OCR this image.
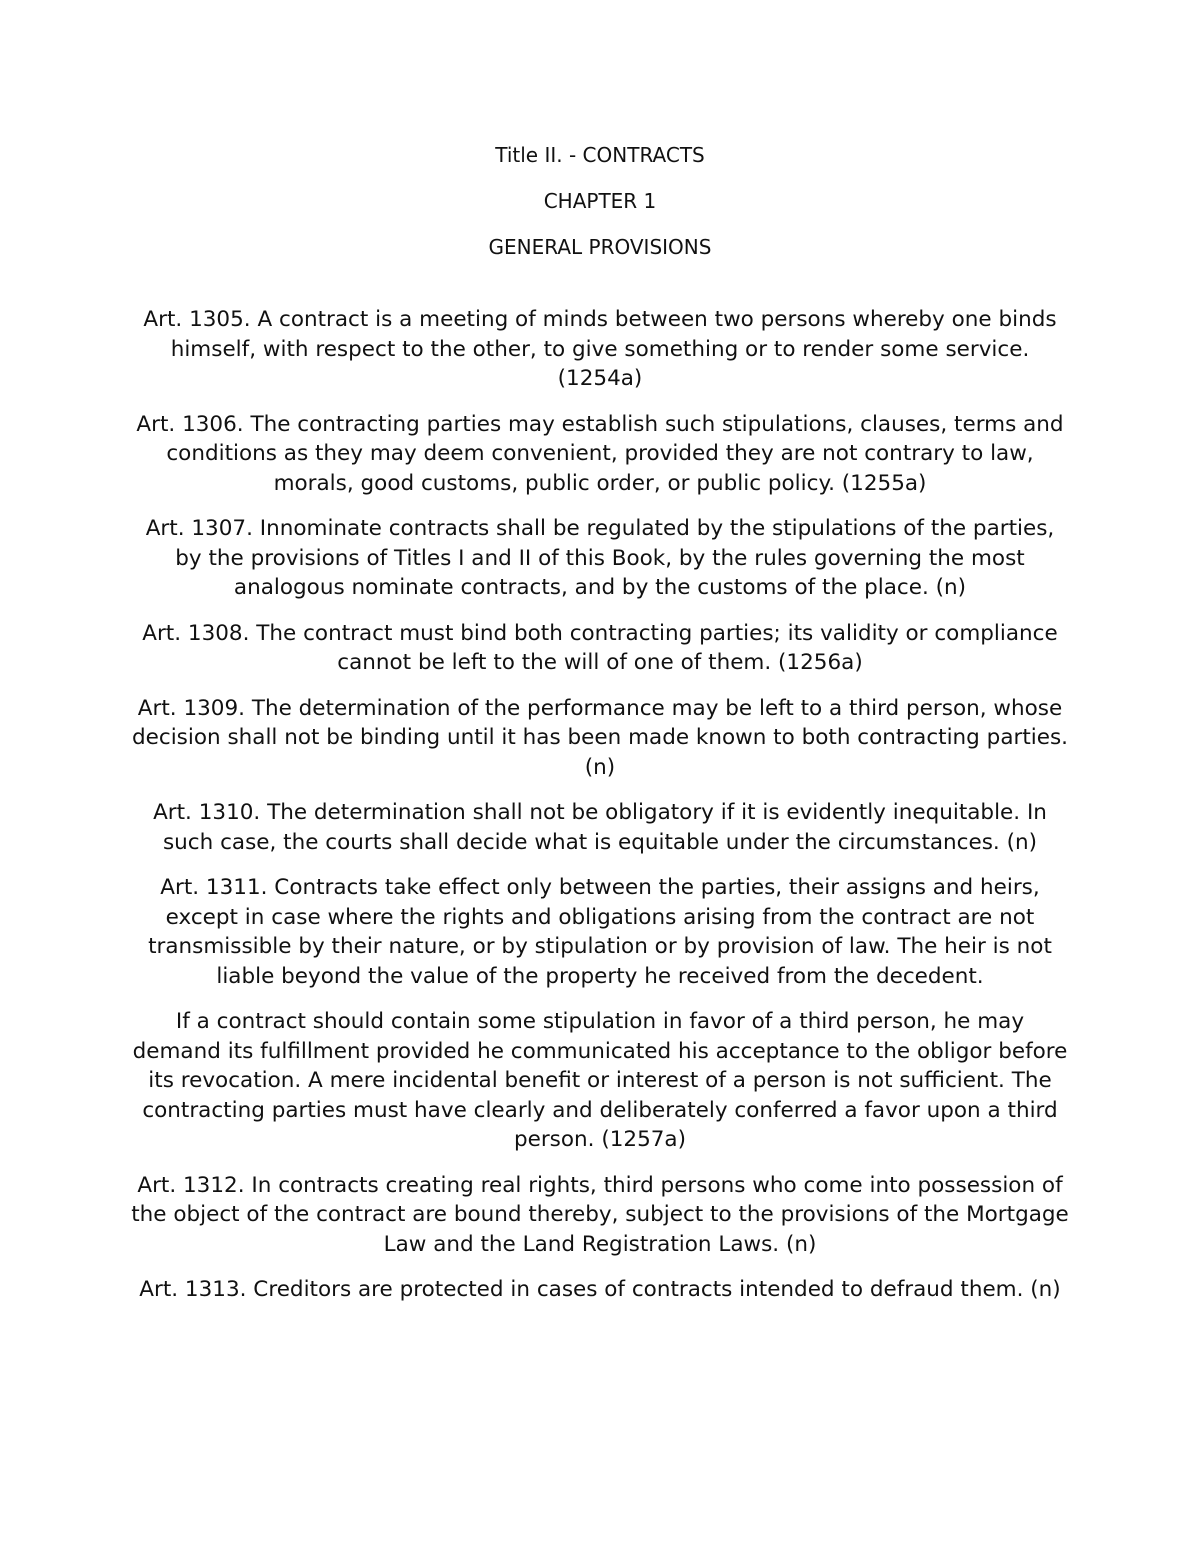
Title II. - CONTRACTS
CHAPTER 1
GENERAL PROVISIONS

Art. 1305. A contract is a meeting of minds between two persons whereby one binds himself, with respect to the other, to give something or to render some service. (1254a)

Art. 1306. The contracting parties may establish such stipulations, clauses, terms and conditions as they may deem convenient, provided they are not contrary to law, morals, good customs, public order, or public policy. (1255a)

Art. 1307. Innominate contracts shall be regulated by the stipulations of the parties, by the provisions of Titles I and II of this Book, by the rules governing the most analogous nominate contracts, and by the customs of the place. (n)

Art. 1308. The contract must bind both contracting parties; its validity or compliance cannot be left to the will of one of them. (1256a)

Art. 1309. The determination of the performance may be left to a third person, whose decision shall not be binding until it has been made known to both contracting parties. (n)

Art. 1310. The determination shall not be obligatory if it is evidently inequitable. In such case, the courts shall decide what is equitable under the circumstances. (n)

Art. 1311. Contracts take effect only between the parties, their assigns and heirs, except in case where the rights and obligations arising from the contract are not transmissible by their nature, or by stipulation or by provision of law. The heir is not liable beyond the value of the property he received from the decedent.

If a contract should contain some stipulation in favor of a third person, he may demand its fulfillment provided he communicated his acceptance to the obligor before its revocation. A mere incidental benefit or interest of a person is not sufficient. The contracting parties must have clearly and deliberately conferred a favor upon a third person. (1257a)

Art. 1312. In contracts creating real rights, third persons who come into possession of the object of the contract are bound thereby, subject to the provisions of the Mortgage Law and the Land Registration Laws. (n)

Art. 1313. Creditors are protected in cases of contracts intended to defraud them. (n)
